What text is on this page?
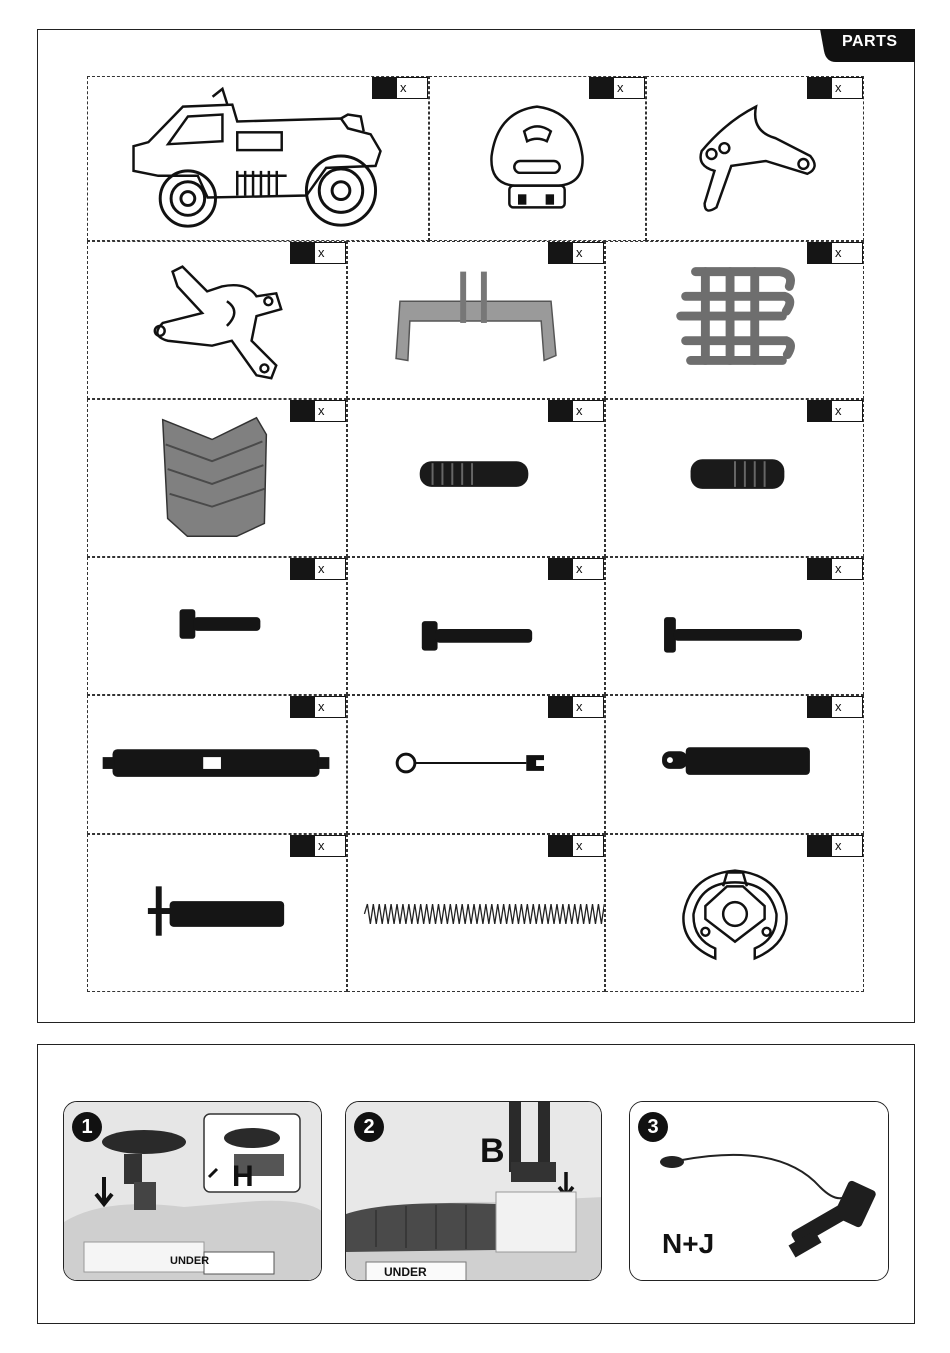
PARTS
x	x	x
x	x	x
x	x	x
x	x	x
x	x	x
x	x	x
1
H
UNDER
2
B
UNDER
3
N+J
